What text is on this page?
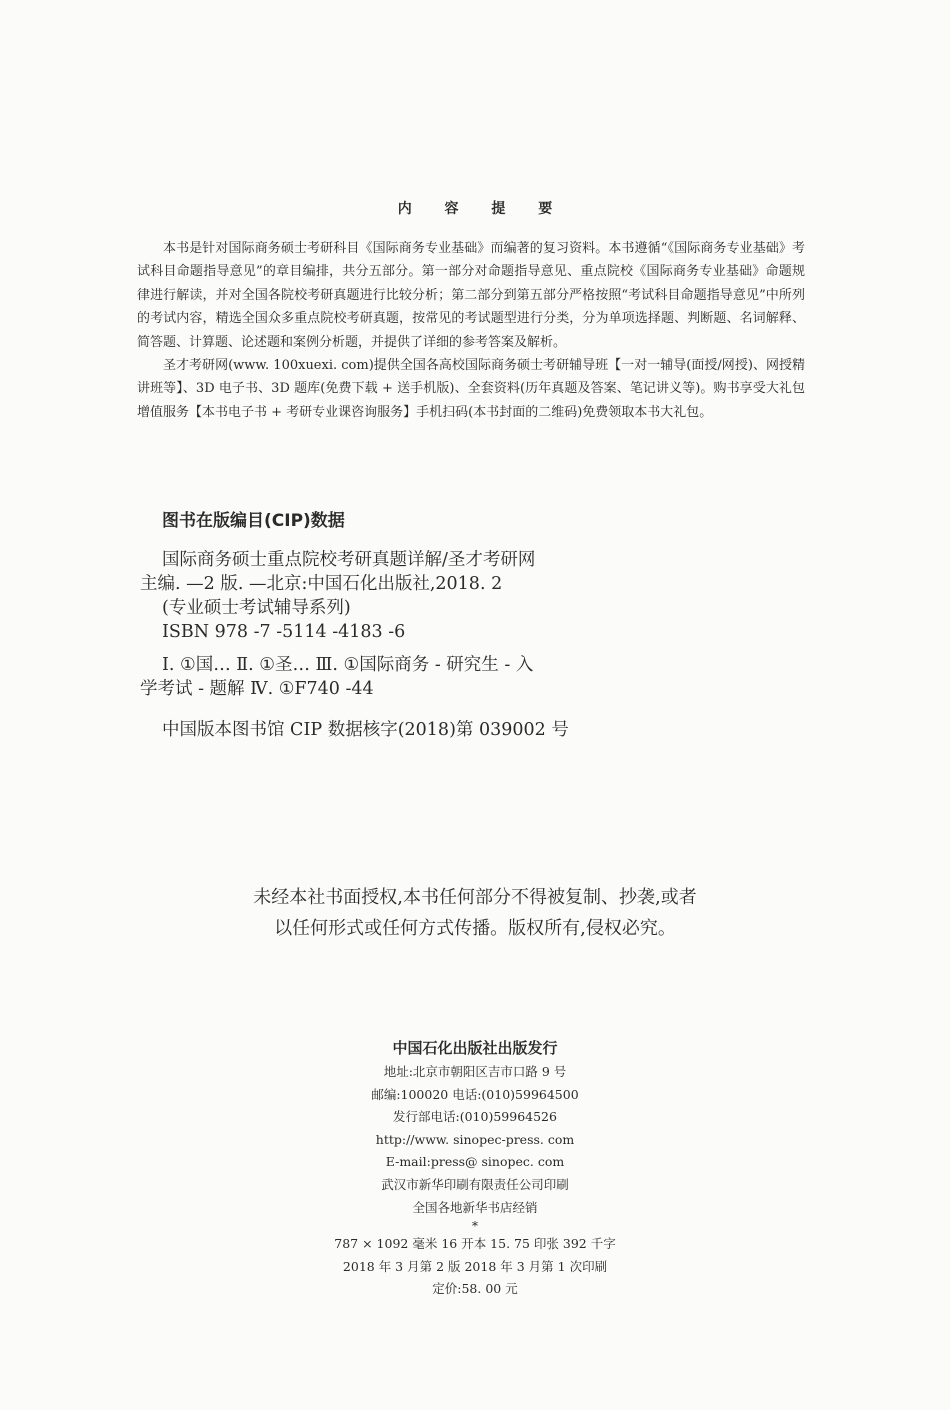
内 容 提 要

本书是针对国际商务硕士考研科目《国际商务专业基础》而编著的复习资料。本书遵循“《国际商务专业基础》考试科目命题指导意见”的章目编排，共分五部分。第一部分对命题指导意见、重点院校《国际商务专业基础》命题规律进行解读，并对全国各院校考研真题进行比较分析；第二部分到第五部分严格按照“考试科目命题指导意见”中所列的考试内容，精选全国众多重点院校考研真题，按常见的考试题型进行分类，分为单项选择题、判断题、名词解释、简答题、计算题、论述题和案例分析题，并提供了详细的参考答案及解析。

圣才考研网(www. 100xuexi. com)提供全国各高校国际商务硕士考研辅导班【一对一辅导(面授/网授)、网授精讲班等】、3D 电子书、3D 题库(免费下载 + 送手机版)、全套资料(历年真题及答案、笔记讲义等)。购书享受大礼包增值服务【本书电子书 + 考研专业课咨询服务】手机扫码(本书封面的二维码)免费领取本书大礼包。

图书在版编目(CIP)数据
国际商务硕士重点院校考研真题详解/圣才考研网
主编. —2 版. —北京:中国石化出版社,2018. 2
(专业硕士考试辅导系列)
ISBN 978 -7 -5114 -4183 -6
Ⅰ. ①国… Ⅱ. ①圣… Ⅲ. ①国际商务 - 研究生 - 入
学考试 - 题解 Ⅳ. ①F740 -44
中国版本图书馆 CIP 数据核字(2018)第 039002 号
未经本社书面授权,本书任何部分不得被复制、抄袭,或者
以任何形式或任何方式传播。版权所有,侵权必究。
中国石化出版社出版发行
地址:北京市朝阳区吉市口路 9 号
邮编:100020 电话:(010)59964500
发行部电话:(010)59964526
http://www. sinopec-press. com
E-mail:press@ sinopec. com
武汉市新华印刷有限责任公司印刷
全国各地新华书店经销
*
787 × 1092 毫米 16 开本 15. 75 印张 392 千字
2018 年 3 月第 2 版 2018 年 3 月第 1 次印刷
定价:58. 00 元
